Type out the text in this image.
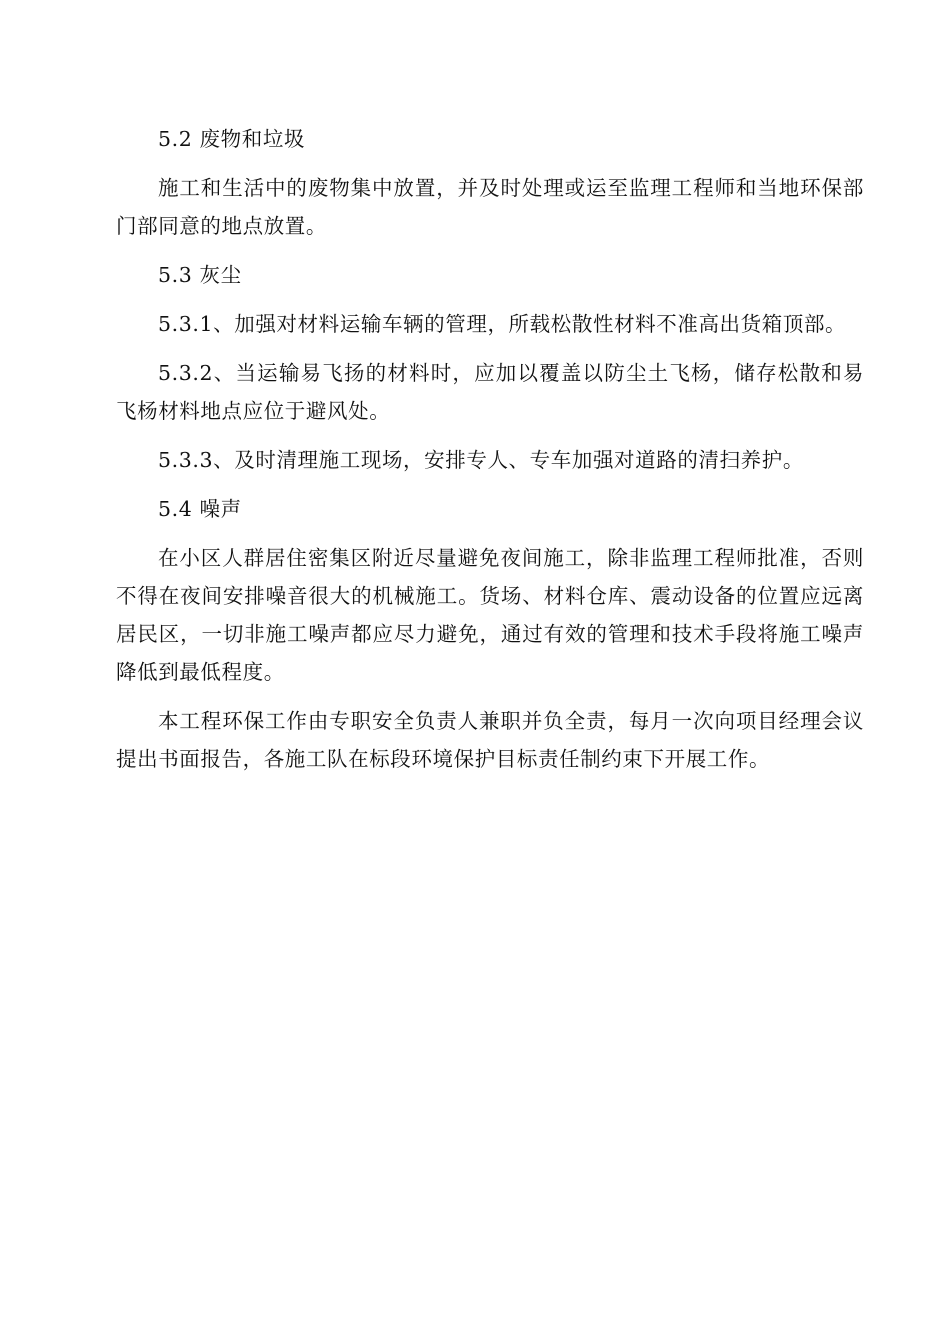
5.2 废物和垃圾

施工和生活中的废物集中放置，并及时处理或运至监理工程师和当地环保部门部同意的地点放置。

5.3 灰尘

5.3.1、加强对材料运输车辆的管理，所载松散性材料不准高出货箱顶部。

5.3.2、当运输易飞扬的材料时，应加以覆盖以防尘土飞杨，储存松散和易飞杨材料地点应位于避风处。

5.3.3、及时清理施工现场，安排专人、专车加强对道路的清扫养护。

5.4 噪声

在小区人群居住密集区附近尽量避免夜间施工，除非监理工程师批准，否则不得在夜间安排噪音很大的机械施工。货场、材料仓库、震动设备的位置应远离居民区，一切非施工噪声都应尽力避免，通过有效的管理和技术手段将施工噪声降低到最低程度。

本工程环保工作由专职安全负责人兼职并负全责，每月一次向项目经理会议提出书面报告，各施工队在标段环境保护目标责任制约束下开展工作。
